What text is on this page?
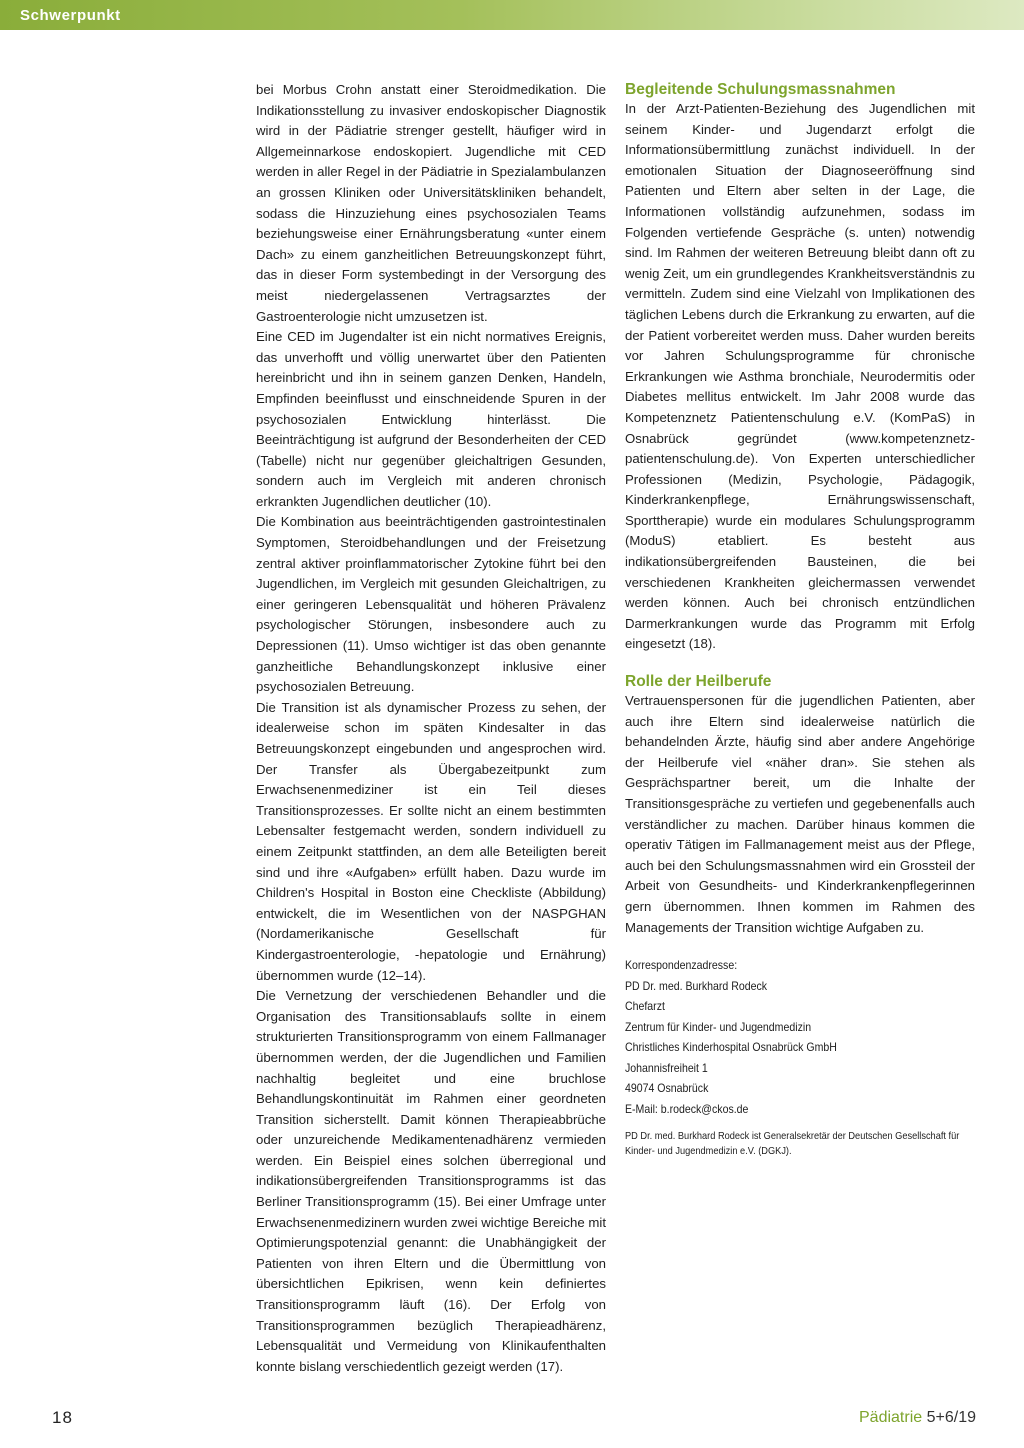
Schwerpunkt

bei Morbus Crohn anstatt einer Steroidmedikation. Die Indikationsstellung zu invasiver endoskopischer Diagnostik wird in der Pädiatrie strenger gestellt, häufiger wird in Allgemeinnarkose endoskopiert. Jugendliche mit CED werden in aller Regel in der Pädiatrie in Spezialambulanzen an grossen Kliniken oder Universitätskliniken behandelt, sodass die Hinzuziehung eines psychosozialen Teams beziehungsweise einer Ernährungsberatung «unter einem Dach» zu einem ganzheitlichen Betreuungskonzept führt, das in dieser Form systembedingt in der Versorgung des meist niedergelassenen Vertragsarztes der Gastroenterologie nicht umzusetzen ist.

Eine CED im Jugendalter ist ein nicht normatives Ereignis, das unverhofft und völlig unerwartet über den Patienten hereinbricht und ihn in seinem ganzen Denken, Handeln, Empfinden beeinflusst und einschneidende Spuren in der psychosozialen Entwicklung hinterlässt. Die Beeinträchtigung ist aufgrund der Besonderheiten der CED (Tabelle) nicht nur gegenüber gleichaltrigen Gesunden, sondern auch im Vergleich mit anderen chronisch erkrankten Jugendlichen deutlicher (10).

Die Kombination aus beeinträchtigenden gastrointestinalen Symptomen, Steroidbehandlungen und der Freisetzung zentral aktiver proinflammatorischer Zytokine führt bei den Jugendlichen, im Vergleich mit gesunden Gleichaltrigen, zu einer geringeren Lebensqualität und höheren Prävalenz psychologischer Störungen, insbesondere auch zu Depressionen (11). Umso wichtiger ist das oben genannte ganzheitliche Behandlungskonzept inklusive einer psychosozialen Betreuung.

Die Transition ist als dynamischer Prozess zu sehen, der idealerweise schon im späten Kindesalter in das Betreuungskonzept eingebunden und angesprochen wird. Der Transfer als Übergabezeitpunkt zum Erwachsenenmediziner ist ein Teil dieses Transitionsprozesses. Er sollte nicht an einem bestimmten Lebensalter festgemacht werden, sondern individuell zu einem Zeitpunkt stattfinden, an dem alle Beteiligten bereit sind und ihre «Aufgaben» erfüllt haben. Dazu wurde im Children's Hospital in Boston eine Checkliste (Abbildung) entwickelt, die im Wesentlichen von der NASPGHAN (Nordamerikanische Gesellschaft für Kindergastroenterologie, -hepatologie und Ernährung) übernommen wurde (12–14).

Die Vernetzung der verschiedenen Behandler und die Organisation des Transitionsablaufs sollte in einem strukturierten Transitionsprogramm von einem Fallmanager übernommen werden, der die Jugendlichen und Familien nachhaltig begleitet und eine bruchlose Behandlungskontinuität im Rahmen einer geordneten Transition sicherstellt. Damit können Therapieabbrüche oder unzureichende Medikamentenadhärenz vermieden werden. Ein Beispiel eines solchen überregional und indikationsübergreifenden Transitionsprogramms ist das Berliner Transitionsprogramm (15). Bei einer Umfrage unter Erwachsenenmedizinern wurden zwei wichtige Bereiche mit Optimierungspotenzial genannt: die Unabhängigkeit der Patienten von ihren Eltern und die Übermittlung von übersichtlichen Epikrisen, wenn kein definiertes Transitionsprogramm läuft (16). Der Erfolg von Transitionsprogrammen bezüglich Therapieadhärenz, Lebensqualität und Vermeidung von Klinikaufenthalten konnte bislang verschiedentlich gezeigt werden (17).

Begleitende Schulungsmassnahmen

In der Arzt-Patienten-Beziehung des Jugendlichen mit seinem Kinder- und Jugendarzt erfolgt die Informationsübermittlung zunächst individuell. In der emotionalen Situation der Diagnoseeröffnung sind Patienten und Eltern aber selten in der Lage, die Informationen vollständig aufzunehmen, sodass im Folgenden vertiefende Gespräche (s. unten) notwendig sind. Im Rahmen der weiteren Betreuung bleibt dann oft zu wenig Zeit, um ein grundlegendes Krankheitsverständnis zu vermitteln. Zudem sind eine Vielzahl von Implikationen des täglichen Lebens durch die Erkrankung zu erwarten, auf die der Patient vorbereitet werden muss. Daher wurden bereits vor Jahren Schulungsprogramme für chronische Erkrankungen wie Asthma bronchiale, Neurodermitis oder Diabetes mellitus entwickelt. Im Jahr 2008 wurde das Kompetenznetz Patientenschulung e.V. (KomPaS) in Osnabrück gegründet (www.kompetenznetz-patientenschulung.de). Von Experten unterschiedlicher Professionen (Medizin, Psychologie, Pädagogik, Kinderkrankenpflege, Ernährungswissenschaft, Sporttherapie) wurde ein modulares Schulungsprogramm (ModuS) etabliert. Es besteht aus indikationsübergreifenden Bausteinen, die bei verschiedenen Krankheiten gleichermassen verwendet werden können. Auch bei chronisch entzündlichen Darmerkrankungen wurde das Programm mit Erfolg eingesetzt (18).

Rolle der Heilberufe

Vertrauenspersonen für die jugendlichen Patienten, aber auch ihre Eltern sind idealerweise natürlich die behandelnden Ärzte, häufig sind aber andere Angehörige der Heilberufe viel «näher dran». Sie stehen als Gesprächspartner bereit, um die Inhalte der Transitionsgespräche zu vertiefen und gegebenenfalls auch verständlicher zu machen. Darüber hinaus kommen die operativ Tätigen im Fallmanagement meist aus der Pflege, auch bei den Schulungsmassnahmen wird ein Grossteil der Arbeit von Gesundheits- und Kinderkrankenpflegerinnen gern übernommen. Ihnen kommen im Rahmen des Managements der Transition wichtige Aufgaben zu.

Korrespondenzadresse:
PD Dr. med. Burkhard Rodeck
Chefarzt
Zentrum für Kinder- und Jugendmedizin
Christliches Kinderhospital Osnabrück GmbH
Johannisfreiheit 1
49074 Osnabrück
E-Mail: b.rodeck@ckos.de
PD Dr. med. Burkhard Rodeck ist Generalsekretär der Deutschen Gesellschaft für Kinder- und Jugendmedizin e.V. (DGKJ).
18	Pädiatrie 5+6/19
